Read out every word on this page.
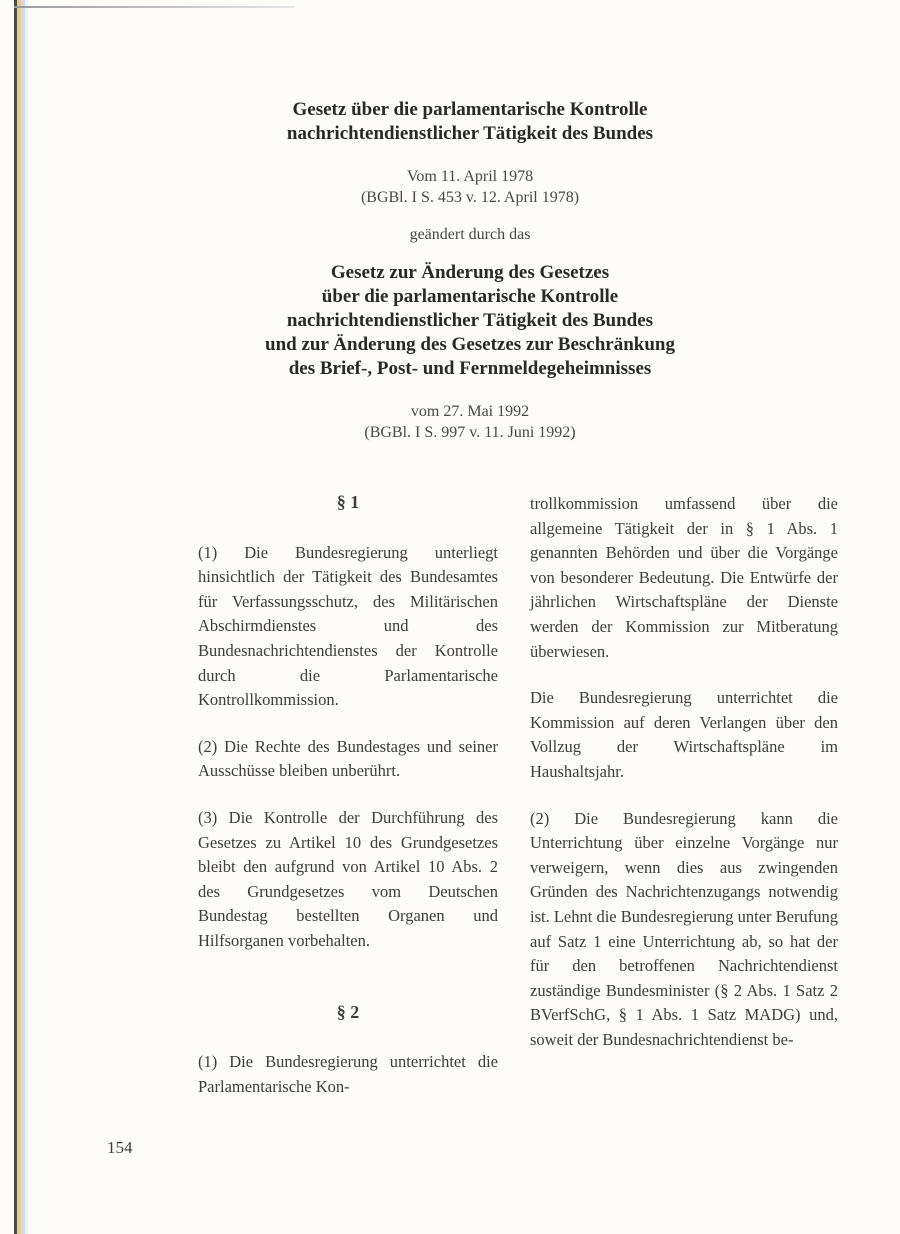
Gesetz über die parlamentarische Kontrolle

nachrichtendienstlicher Tätigkeit des Bundes

Vom 11. April 1978

(BGBl. I S. 453 v. 12. April 1978)

geändert durch das

Gesetz zur Änderung des Gesetzes

über die parlamentarische Kontrolle

nachrichtendienstlicher Tätigkeit des Bundes

und zur Änderung des Gesetzes zur Beschränkung

des Brief-, Post- und Fernmeldegeheimnisses

vom 27. Mai 1992

(BGBl. I S. 997 v. 11. Juni 1992)

§ 1

(1) Die Bundesregierung unterliegt hinsichtlich der Tätigkeit des Bundesamtes für Verfassungsschutz, des Militärischen Abschirmdienstes und des Bundesnachrichtendienstes der Kontrolle durch die Parlamentarische Kontrollkommission.

(2) Die Rechte des Bundestages und seiner Ausschüsse bleiben unberührt.

(3) Die Kontrolle der Durchführung des Gesetzes zu Artikel 10 des Grundgesetzes bleibt den aufgrund von Artikel 10 Abs. 2 des Grundgesetzes vom Deutschen Bundestag bestellten Organen und Hilfsorganen vorbehalten.

§ 2

(1) Die Bundesregierung unterrichtet die Parlamentarische Kon-

trollkommission umfassend über die allgemeine Tätigkeit der in § 1 Abs. 1 genannten Behörden und über die Vorgänge von besonderer Bedeutung. Die Entwürfe der jährlichen Wirtschaftspläne der Dienste werden der Kommission zur Mitberatung überwiesen.

Die Bundesregierung unterrichtet die Kommission auf deren Verlangen über den Vollzug der Wirtschaftspläne im Haushaltsjahr.

(2) Die Bundesregierung kann die Unterrichtung über einzelne Vorgänge nur verweigern, wenn dies aus zwingenden Gründen des Nachrichtenzugangs notwendig ist. Lehnt die Bundesregierung unter Berufung auf Satz 1 eine Unterrichtung ab, so hat der für den betroffenen Nachrichtendienst zuständige Bundesminister (§ 2 Abs. 1 Satz 2 BVerfSchG, § 1 Abs. 1 Satz MADG) und, soweit der Bundesnachrichtendienst be-

154
